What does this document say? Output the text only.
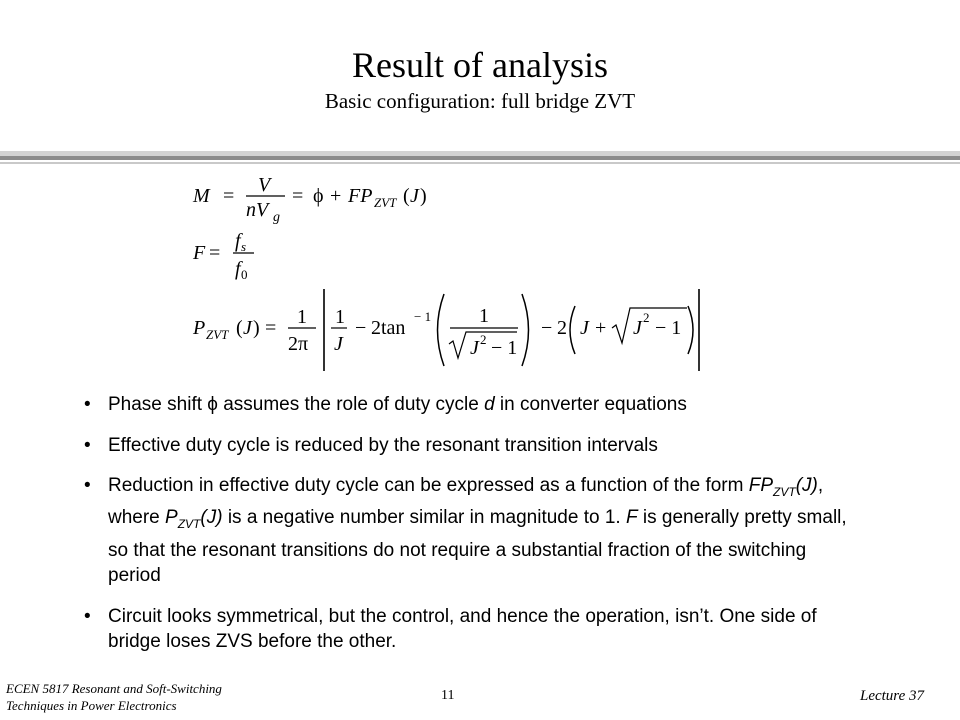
Result of analysis
Basic configuration: full bridge ZVT
M = V
nV g
= ϕ + FP ZVT ( J )
F =
f s
f 0
P ZVT ( J ) = 1
2π
1
J
− 2tan
− 1 1
J 2 − 1
− 2 J + J 2 − 1
• Phase shift ϕ assumes the role of duty cycle d in converter equations
• Effective duty cycle is reduced by the resonant transition intervals
• Reduction in effective duty cycle can be expressed as a function of the form $FP_{ZVT}(J)$, where $P_{ZVT}(J)$ is a negative number similar in magnitude to 1. F is generally pretty small, so that the resonant transitions do not require a substantial fraction of the switching period
• Circuit looks symmetrical, but the control, and hence the operation, isn’t. One side of bridge loses ZVS before the other.
ECEN 5817 Resonant and Soft-Switching
Techniques in Power Electronics
11	Lecture 37
